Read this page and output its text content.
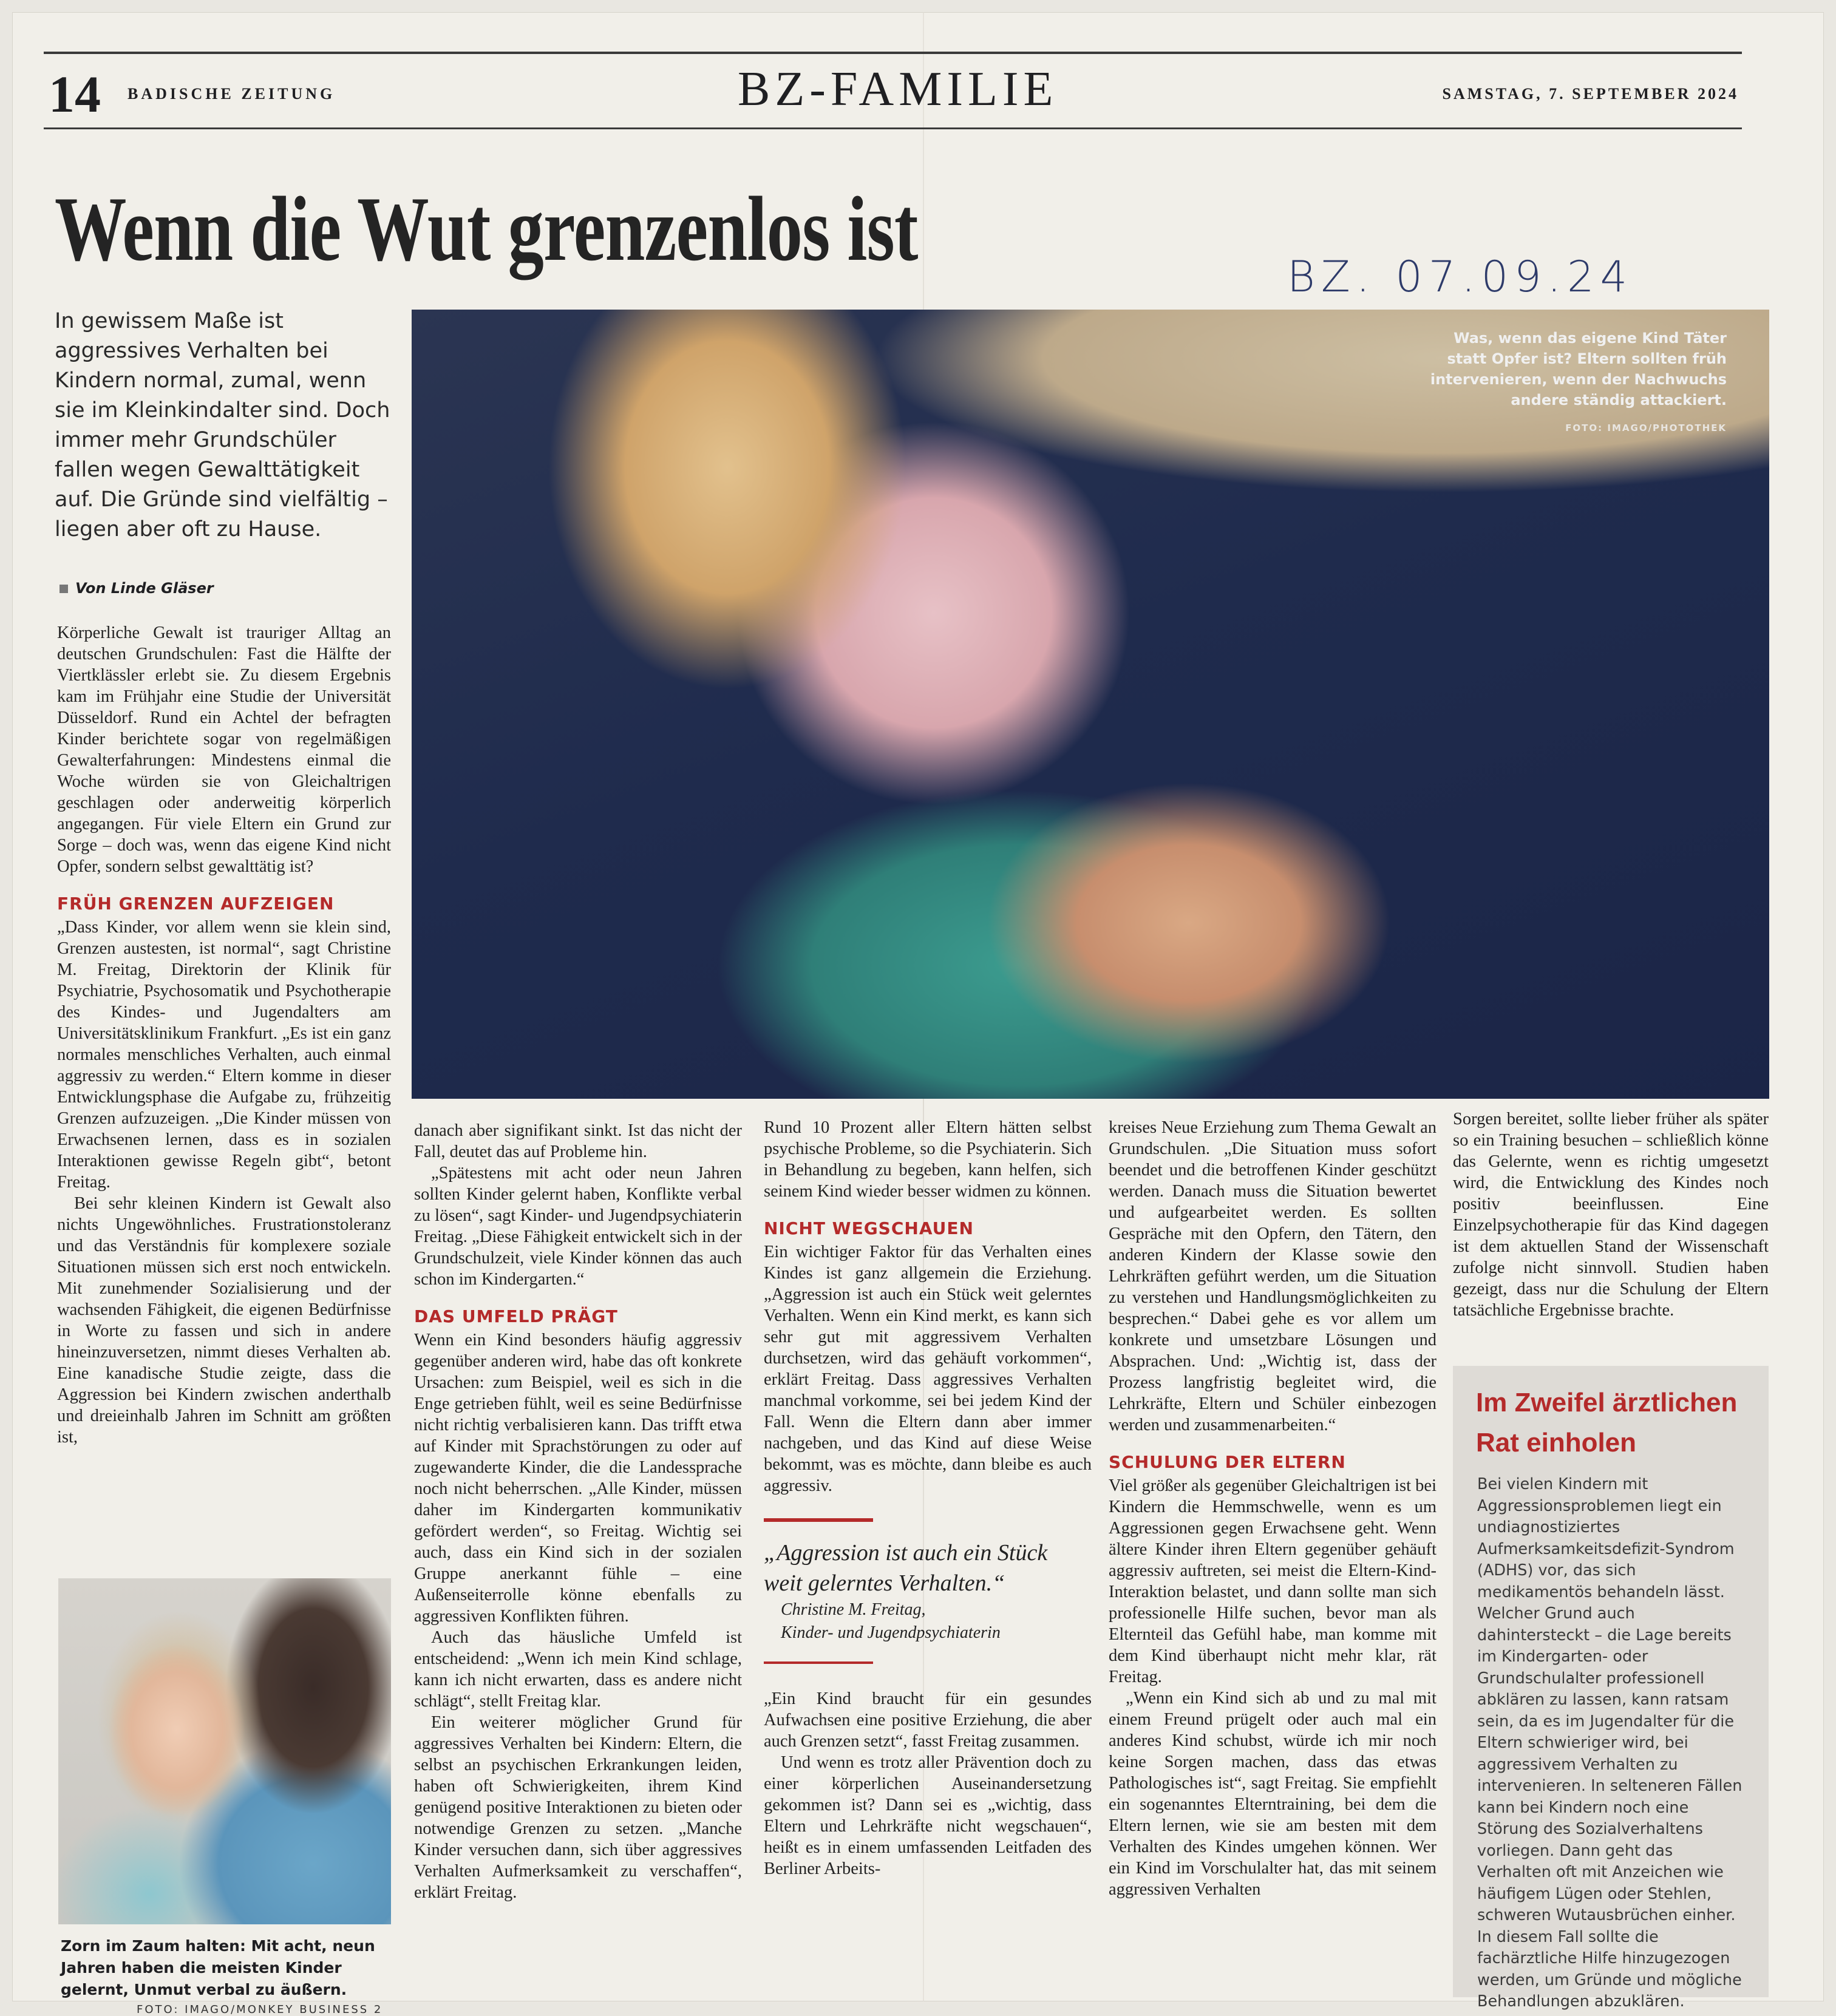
14 BADISCHE ZEITUNG	BZ-FAMILIE	SAMSTAG, 7. SEPTEMBER 2024
Wenn die Wut grenzenlos ist	BZ. 07.09.24
In gewissem Maße ist aggressives Verhalten bei Kindern normal, zumal, wenn sie im Kleinkindalter sind. Doch immer mehr Grundschüler fallen wegen Gewalttätigkeit auf. Die Gründe sind vielfältig – liegen aber oft zu Hause.
Von Linde Gläser
Was, wenn das eigene Kind Täter statt Opfer ist? Eltern sollten früh intervenieren, wenn der Nachwuchs andere ständig attackiert.
FOTO: IMAGO/PHOTOTHEK

Körperliche Gewalt ist trauriger Alltag an deutschen Grundschulen: Fast die Hälfte der Viertklässler erlebt sie. Zu diesem Ergebnis kam im Frühjahr eine Studie der Universität Düsseldorf. Rund ein Achtel der befragten Kinder berichtete sogar von regelmäßigen Gewalterfahrungen: Mindestens einmal die Woche würden sie von Gleichaltrigen geschlagen oder anderweitig körperlich angegangen. Für viele Eltern ein Grund zur Sorge – doch was, wenn das eigene Kind nicht Opfer, sondern selbst gewalttätig ist?

FRÜH GRENZEN AUFZEIGEN

„Dass Kinder, vor allem wenn sie klein sind, Grenzen austesten, ist normal“, sagt Christine M. Freitag, Direktorin der Klinik für Psychiatrie, Psychosomatik und Psychotherapie des Kindes- und Jugendalters am Universitätsklinikum Frankfurt. „Es ist ein ganz normales menschliches Verhalten, auch einmal aggressiv zu werden.“ Eltern komme in dieser Entwicklungsphase die Aufgabe zu, frühzeitig Grenzen aufzuzeigen. „Die Kinder müssen von Erwachsenen lernen, dass es in sozialen Interaktionen gewisse Regeln gibt“, betont Freitag.

Bei sehr kleinen Kindern ist Gewalt also nichts Ungewöhnliches. Frustrationstoleranz und das Verständnis für komplexere soziale Situationen müssen sich erst noch entwickeln. Mit zunehmender Sozialisierung und der wachsenden Fähigkeit, die eigenen Bedürfnisse in Worte zu fassen und sich in andere hineinzuversetzen, nimmt dieses Verhalten ab. Eine kanadische Studie zeigte, dass die Aggression bei Kindern zwischen anderthalb und dreieinhalb Jahren im Schnitt am größten ist,

Zorn im Zaum halten: Mit acht, neun Jahren haben die meisten Kinder gelernt, Unmut verbal zu äußern.
FOTO: IMAGO/MONKEY BUSINESS 2

danach aber signifikant sinkt. Ist das nicht der Fall, deutet das auf Probleme hin.

„Spätestens mit acht oder neun Jahren sollten Kinder gelernt haben, Konflikte verbal zu lösen“, sagt Kinder- und Jugendpsychiaterin Freitag. „Diese Fähigkeit entwickelt sich in der Grundschulzeit, viele Kinder können das auch schon im Kindergarten.“

DAS UMFELD PRÄGT

Wenn ein Kind besonders häufig aggressiv gegenüber anderen wird, habe das oft konkrete Ursachen: zum Beispiel, weil es sich in die Enge getrieben fühlt, weil es seine Bedürfnisse nicht richtig verbalisieren kann. Das trifft etwa auf Kinder mit Sprachstörungen zu oder auf zugewanderte Kinder, die die Landessprache noch nicht beherrschen. „Alle Kinder, müssen daher im Kindergarten kommunikativ gefördert werden“, so Freitag. Wichtig sei auch, dass ein Kind sich in der sozialen Gruppe anerkannt fühle – eine Außenseiterrolle könne ebenfalls zu aggressiven Konflikten führen.

Auch das häusliche Umfeld ist entscheidend: „Wenn ich mein Kind schlage, kann ich nicht erwarten, dass es andere nicht schlägt“, stellt Freitag klar.

Ein weiterer möglicher Grund für aggressives Verhalten bei Kindern: Eltern, die selbst an psychischen Erkrankungen leiden, haben oft Schwierigkeiten, ihrem Kind genügend positive Interaktionen zu bieten oder notwendige Grenzen zu setzen. „Manche Kinder versuchen dann, sich über aggressives Verhalten Aufmerksamkeit zu verschaffen“, erklärt Freitag.

Rund 10 Prozent aller Eltern hätten selbst psychische Probleme, so die Psychiaterin. Sich in Behandlung zu begeben, kann helfen, sich seinem Kind wieder besser widmen zu können.

NICHT WEGSCHAUEN

Ein wichtiger Faktor für das Verhalten eines Kindes ist ganz allgemein die Erziehung. „Aggression ist auch ein Stück weit gelerntes Verhalten. Wenn ein Kind merkt, es kann sich sehr gut mit aggressivem Verhalten durchsetzen, wird das gehäuft vorkommen“, erklärt Freitag. Dass aggressives Verhalten manchmal vorkomme, sei bei jedem Kind der Fall. Wenn die Eltern dann aber immer nachgeben, und das Kind auf diese Weise bekommt, was es möchte, dann bleibe es auch aggressiv.

„Aggression ist auch ein Stück weit gelerntes Verhalten.“

Christine M. Freitag,

Kinder- und Jugendpsychiaterin

„Ein Kind braucht für ein gesundes Aufwachsen eine positive Erziehung, die aber auch Grenzen setzt“, fasst Freitag zusammen.

Und wenn es trotz aller Prävention doch zu einer körperlichen Auseinandersetzung gekommen ist? Dann sei es „wichtig, dass Eltern und Lehrkräfte nicht wegschauen“, heißt es in einem umfassenden Leitfaden des Berliner Arbeits-

kreises Neue Erziehung zum Thema Gewalt an Grundschulen. „Die Situation muss sofort beendet und die betroffenen Kinder geschützt werden. Danach muss die Situation bewertet und aufgearbeitet werden. Es sollten Gespräche mit den Opfern, den Tätern, den anderen Kindern der Klasse sowie den Lehrkräften geführt werden, um die Situation zu verstehen und Handlungsmöglichkeiten zu besprechen.“ Dabei gehe es vor allem um konkrete und umsetzbare Lösungen und Absprachen. Und: „Wichtig ist, dass der Prozess langfristig begleitet wird, die Lehrkräfte, Eltern und Schüler einbezogen werden und zusammenarbeiten.“

SCHULUNG DER ELTERN

Viel größer als gegenüber Gleichaltrigen ist bei Kindern die Hemmschwelle, wenn es um Aggressionen gegen Erwachsene geht. Wenn ältere Kinder ihren Eltern gegenüber gehäuft aggressiv auftreten, sei meist die Eltern-Kind-Interaktion belastet, und dann sollte man sich professionelle Hilfe suchen, bevor man als Elternteil das Gefühl habe, man komme mit dem Kind überhaupt nicht mehr klar, rät Freitag.

„Wenn ein Kind sich ab und zu mal mit einem Freund prügelt oder auch mal ein anderes Kind schubst, würde ich mir noch keine Sorgen machen, dass das etwas Pathologisches ist“, sagt Freitag. Sie empfiehlt ein sogenanntes Elterntraining, bei dem die Eltern lernen, wie sie am besten mit dem Verhalten des Kindes umgehen können. Wer ein Kind im Vorschulalter hat, das mit seinem aggressiven Verhalten

Sorgen bereitet, sollte lieber früher als später so ein Training besuchen – schließlich könne das Gelernte, wenn es richtig umgesetzt wird, die Entwicklung des Kindes noch positiv beeinflussen. Eine Einzelpsychotherapie für das Kind dagegen ist dem aktuellen Stand der Wissenschaft zufolge nicht sinnvoll. Studien haben gezeigt, dass nur die Schulung der Eltern tatsächliche Ergebnisse brachte.

Im Zweifel ärztlichen Rat einholen

Bei vielen Kindern mit Aggressionsproblemen liegt ein undiagnostiziertes Aufmerksamkeitsdefizit-Syndrom (ADHS) vor, das sich medikamentös behandeln lässt. Welcher Grund auch dahintersteckt – die Lage bereits im Kindergarten- oder Grundschulalter professionell abklären zu lassen, kann ratsam sein, da es im Jugendalter für die Eltern schwieriger wird, bei aggressivem Verhalten zu intervenieren. In selteneren Fällen kann bei Kindern noch eine Störung des Sozialverhaltens vorliegen. Dann geht das Verhalten oft mit Anzeichen wie häufigem Lügen oder Stehlen, schweren Wutausbrüchen einher. In diesem Fall sollte die fachärztliche Hilfe hinzugezogen werden, um Gründe und mögliche Behandlungen abzuklären.
